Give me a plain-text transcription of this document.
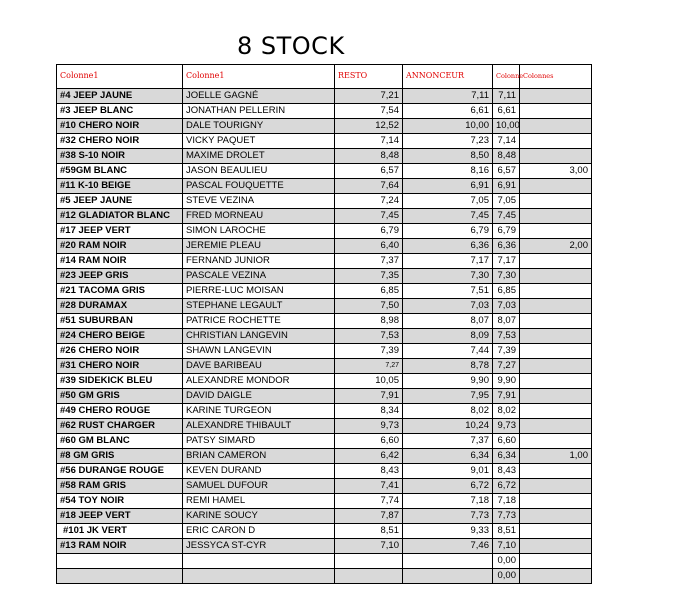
8 STOCK
Colonne1	Colonne1	RESTO	ANNONCEUR	Colonne	Colonnes
#4 JEEP JAUNE	JOELLE GAGNÉ	7,21	7,11	7,11	
#3 JEEP BLANC	JONATHAN PELLERIN	7,54	6,61	6,61	
#10 CHERO NOIR	DALE TOURIGNY	12,52	10,00	10,00	
#32 CHERO NOIR	VICKY PAQUET	7,14	7,23	7,14	
#38 S-10 NOIR	MAXIME DROLET	8,48	8,50	8,48	
#59GM BLANC	JASON BEAULIEU	6,57	8,16	6,57	3,00
#11 K-10 BEIGE	PASCAL FOUQUETTE	7,64	6,91	6,91	
#5 JEEP JAUNE	STEVE VEZINA	7,24	7,05	7,05	
#12 GLADIATOR BLANC	FRED MORNEAU	7,45	7,45	7,45	
#17 JEEP VERT	SIMON LAROCHE	6,79	6,79	6,79	
#20 RAM NOIR	JEREMIE PLEAU	6,40	6,36	6,36	2,00
#14 RAM NOIR	FERNAND JUNIOR	7,37	7,17	7,17	
#23 JEEP GRIS	PASCALE VEZINA	7,35	7,30	7,30	
#21 TACOMA GRIS	PIERRE-LUC MOISAN	6,85	7,51	6,85	
#28 DURAMAX	STEPHANE LEGAULT	7,50	7,03	7,03	
#51 SUBURBAN	PATRICE ROCHETTE	8,98	8,07	8,07	
#24 CHERO BEIGE	CHRISTIAN LANGEVIN	7,53	8,09	7,53	
#26 CHERO NOIR	SHAWN LANGEVIN	7,39	7,44	7,39	
#31 CHERO NOIR	DAVE BARIBEAU	7,27	8,78	7,27	
#39 SIDEKICK BLEU	ALEXANDRE MONDOR	10,05	9,90	9,90	
#50 GM GRIS	DAVID DAIGLE	7,91	7,95	7,91	
#49 CHERO ROUGE	KARINE TURGEON	8,34	8,02	8,02	
#62 RUST CHARGER	ALEXANDRE THIBAULT	9,73	10,24	9,73	
#60 GM BLANC	PATSY SIMARD	6,60	7,37	6,60	
#8 GM GRIS	BRIAN CAMERON	6,42	6,34	6,34	1,00
#56 DURANGE ROUGE	KEVEN DURAND	8,43	9,01	8,43	
#58 RAM GRIS	SAMUEL DUFOUR	7,41	6,72	6,72	
#54 TOY NOIR	REMI HAMEL	7,74	7,18	7,18	
#18 JEEP VERT	KARINE SOUCY	7,87	7,73	7,73	
#101 JK VERT	ERIC CARON D	8,51	9,33	8,51	
#13 RAM NOIR	JESSYCA ST-CYR	7,10	7,46	7,10	
				0,00	
				0,00	
